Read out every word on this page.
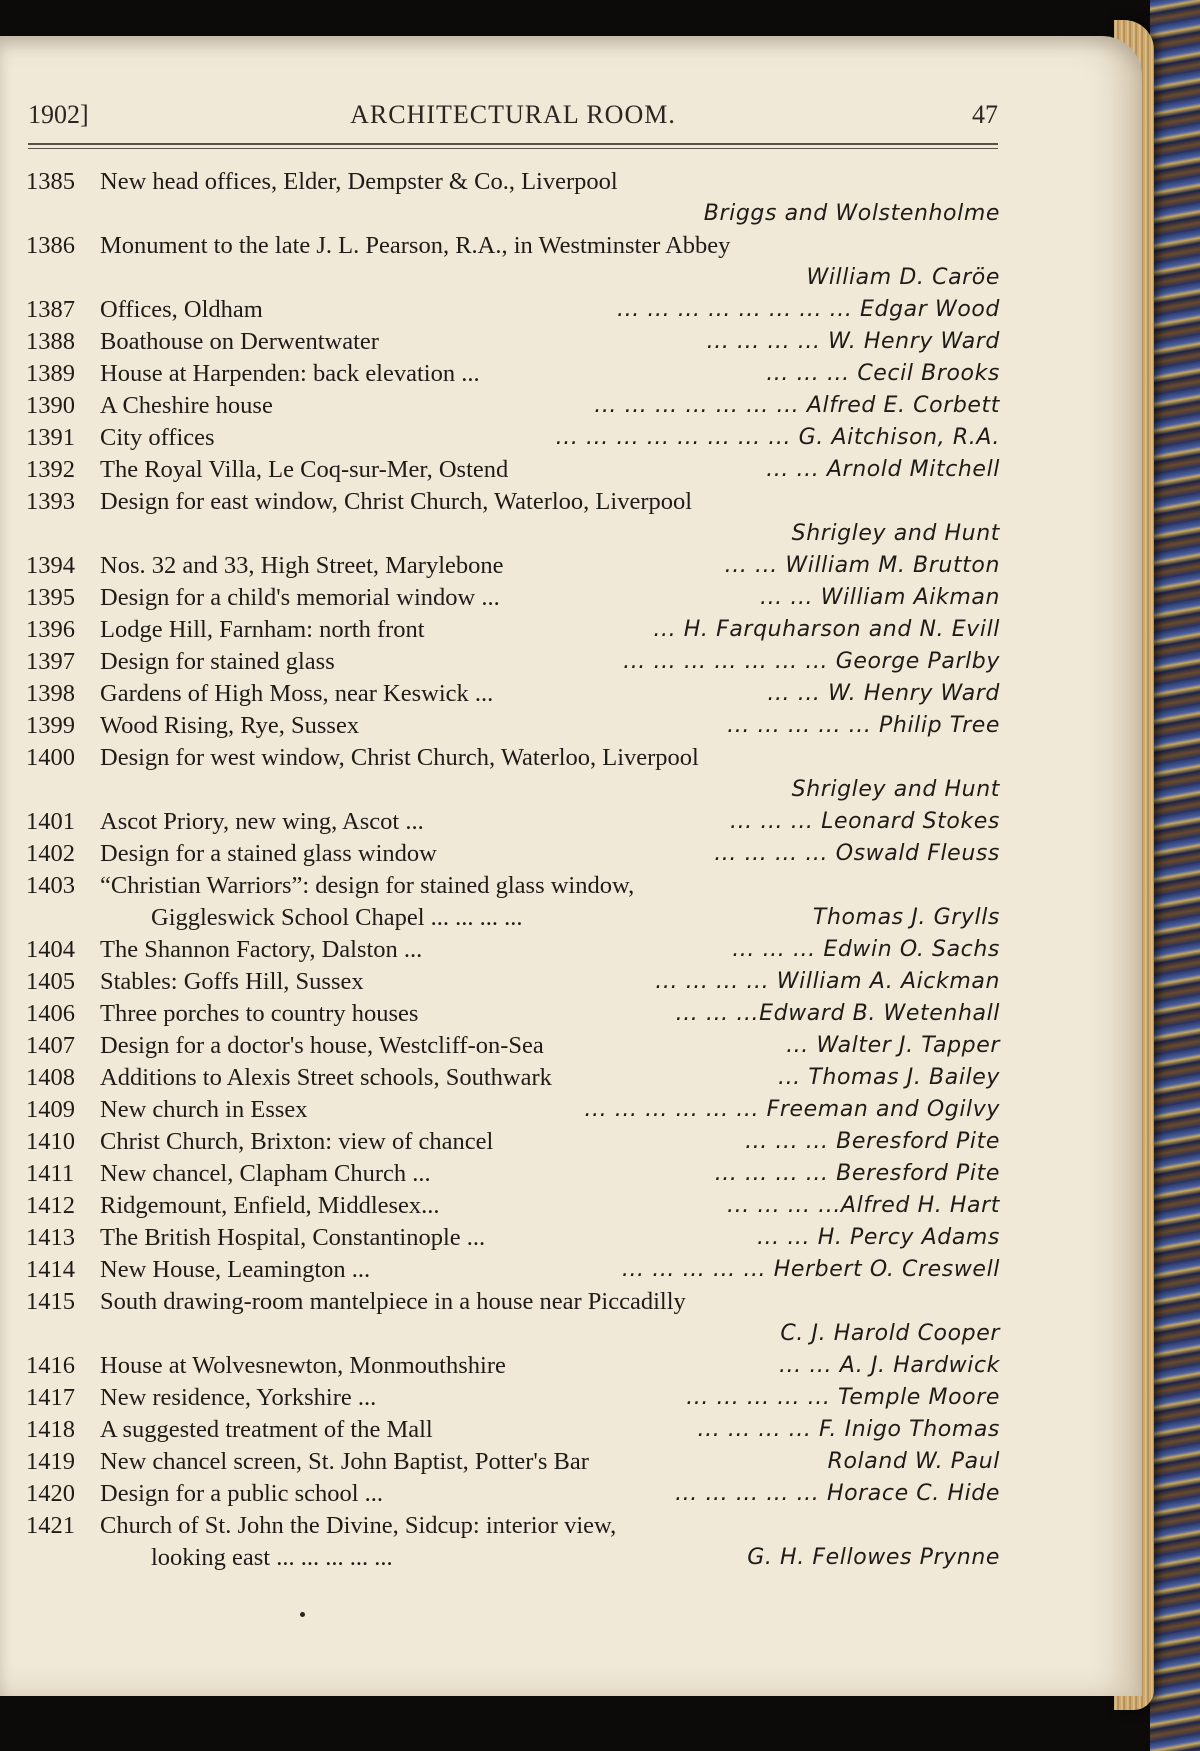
1902]	ARCHITECTURAL ROOM.	47
1385	New head offices, Elder, Dempster & Co., Liverpool
Briggs and Wolstenholme
1386	Monument to the late J. L. Pearson, R.A., in Westminster Abbey
William D. Caröe
1387	Offices, Oldham	... ... ... ... ... ... ... ... Edgar Wood
1388	Boathouse on Derwentwater	... ... ... ... W. Henry Ward
1389	House at Harpenden: back elevation ...	... ... ... Cecil Brooks
1390	A Cheshire house	... ... ... ... ... ... ... Alfred E. Corbett
1391	City offices	... ... ... ... ... ... ... ... G. Aitchison, R.A.
1392	The Royal Villa, Le Coq-sur-Mer, Ostend	... ... Arnold Mitchell
1393	Design for east window, Christ Church, Waterloo, Liverpool
Shrigley and Hunt
1394	Nos. 32 and 33, High Street, Marylebone	... ... William M. Brutton
1395	Design for a child's memorial window ...	... ... William Aikman
1396	Lodge Hill, Farnham: north front	... H. Farquharson and N. Evill
1397	Design for stained glass	... ... ... ... ... ... ... George Parlby
1398	Gardens of High Moss, near Keswick ...	... ... W. Henry Ward
1399	Wood Rising, Rye, Sussex	... ... ... ... ... Philip Tree
1400	Design for west window, Christ Church, Waterloo, Liverpool
Shrigley and Hunt
1401	Ascot Priory, new wing, Ascot ...	... ... ... Leonard Stokes
1402	Design for a stained glass window	... ... ... ... Oswald Fleuss
1403	“Christian Warriors”: design for stained glass window,
Giggleswick School Chapel ... ... ... ...	Thomas J. Grylls
1404	The Shannon Factory, Dalston ...	... ... ... Edwin O. Sachs
1405	Stables: Goffs Hill, Sussex	... ... ... ... William A. Aickman
1406	Three porches to country houses	... ... ...Edward B. Wetenhall
1407	Design for a doctor's house, Westcliff-on-Sea	... Walter J. Tapper
1408	Additions to Alexis Street schools, Southwark	... Thomas J. Bailey
1409	New church in Essex	... ... ... ... ... ... Freeman and Ogilvy
1410	Christ Church, Brixton: view of chancel	... ... ... Beresford Pite
1411	New chancel, Clapham Church ...	... ... ... ... Beresford Pite
1412	Ridgemount, Enfield, Middlesex...	... ... ... ...Alfred H. Hart
1413	The British Hospital, Constantinople ...	... ... H. Percy Adams
1414	New House, Leamington ...	... ... ... ... ... Herbert O. Creswell
1415	South drawing-room mantelpiece in a house near Piccadilly
C. J. Harold Cooper
1416	House at Wolvesnewton, Monmouthshire	... ... A. J. Hardwick
1417	New residence, Yorkshire ...	... ... ... ... ... Temple Moore
1418	A suggested treatment of the Mall	... ... ... ... F. Inigo Thomas
1419	New chancel screen, St. John Baptist, Potter's Bar	Roland W. Paul
1420	Design for a public school ...	... ... ... ... ... Horace C. Hide
1421	Church of St. John the Divine, Sidcup: interior view,
looking east ... ... ... ... ...	G. H. Fellowes Prynne
